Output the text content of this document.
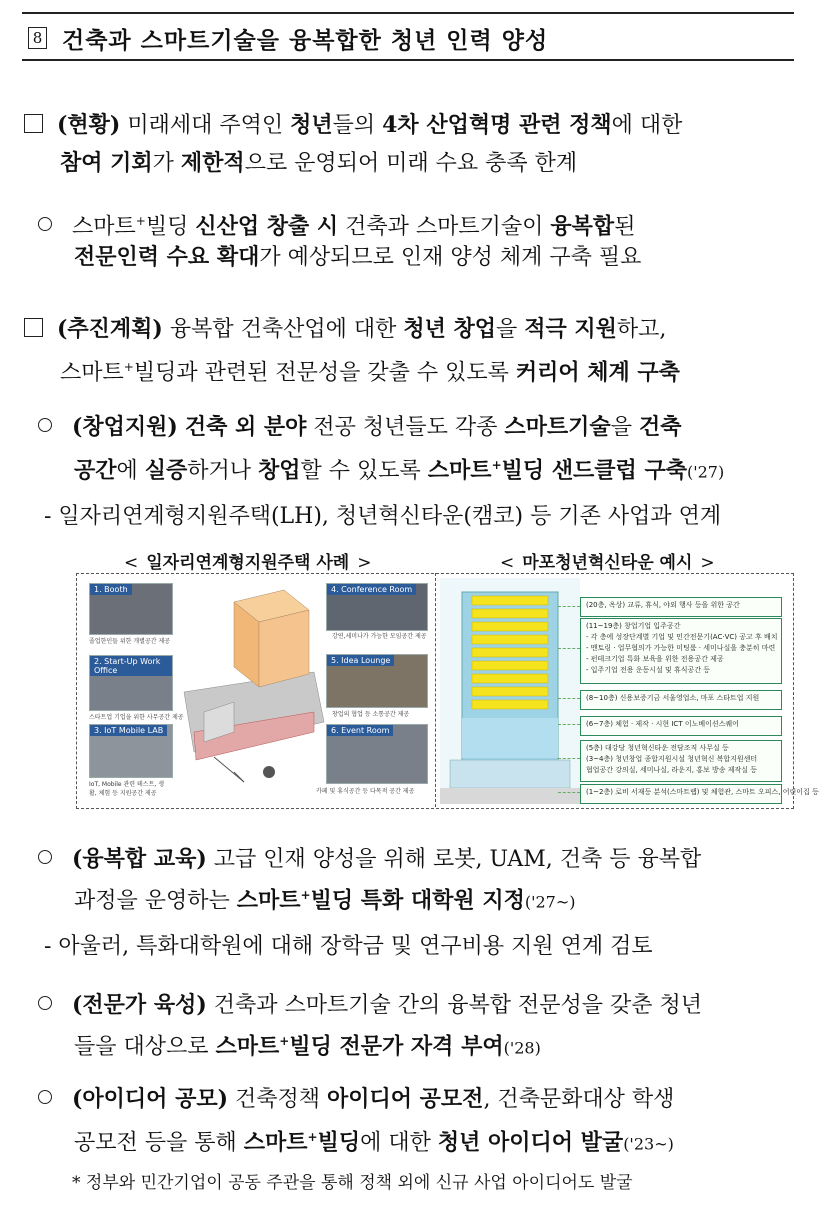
8 건축과 스마트기술을 융복합한 청년 인력 양성
(현황) 미래세대 주역인 청년들의 4차 산업혁명 관련 정책에 대한
참여 기회가 제한적으로 운영되어 미래 수요 충족 한계
스마트+빌딩 신산업 창출 시 건축과 스마트기술이 융복합된
전문인력 수요 확대가 예상되므로 인재 양성 체계 구축 필요
(추진계획) 융복합 건축산업에 대한 청년 창업을 적극 지원하고,
스마트+빌딩과 관련된 전문성을 갖출 수 있도록 커리어 체계 구축
(창업지원) 건축 외 분야 전공 청년들도 각종 스마트기술을 건축
공간에 실증하거나 창업할 수 있도록 스마트+빌딩 샌드클럽 구축('27)
- 일자리연계형지원주택(LH), 청년혁신타운(캠코) 등 기존 사업과 연계
< 일자리연계형지원주택 사례 >	< 마포청년혁신타운 예시 >
1. Booth
졸업한인들 위한 개별공간 제공
2. Start-Up Work Office
스타트업 기업을 위한 사무공간 제공
3. IoT Mobile LAB
IoT, Mobile 관련 테스트, 생활, 체험 등 지원공간 제공
4. Conference Room
강연,세미나가 가능한 모임공간 제공
5. Idea Lounge
창업의 협업 등 소통공간 제공
6. Event Room
카페 및 휴식공간 등 다목적 공간 제공
(20층, 옥상) 교류, 휴식, 야외 행사 등을 위한 공간
(11~19층) 창업기업 입주공간
- 각 층에 성장단계별 기업 및 민간전문기(AC·VC) 공고 후 배치
- 멘토링 · 업무협의가 가능한 미팅룸 · 세미나실을 충분히 마련
- 펀테크기업 특화 보육을 위한 전용공간 제공
- 입주기업 전용 운동시설 및 휴식공간 등
(8~10층) 신용보증기금 서울영업소, 마포 스타트업 지원
(6~7층) 체험 · 제작 · 시현 ICT 이노베이션스퀘어
(5층) 대강당 청년혁신타운 전담조직 사무실 등
(3~4층) 청년창업 종합지원시설 청년혁신 복합지원센터
협업공간 강의실, 세미나실, 라운지, 홍보 방송 제작실 등
(1~2층) 로비 서재등 분석(스마트랩) 및 체험관, 스마트 오피스, 어린이집 등
(융복합 교육) 고급 인재 양성을 위해 로봇, UAM, 건축 등 융복합
과정을 운영하는 스마트+빌딩 특화 대학원 지정('27~)
- 아울러, 특화대학원에 대해 장학금 및 연구비용 지원 연계 검토
(전문가 육성) 건축과 스마트기술 간의 융복합 전문성을 갖춘 청년
들을 대상으로 스마트+빌딩 전문가 자격 부여('28)
(아이디어 공모) 건축정책 아이디어 공모전, 건축문화대상 학생
공모전 등을 통해 스마트+빌딩에 대한 청년 아이디어 발굴('23~)
* 정부와 민간기업이 공동 주관을 통해 정책 외에 신규 사업 아이디어도 발굴
